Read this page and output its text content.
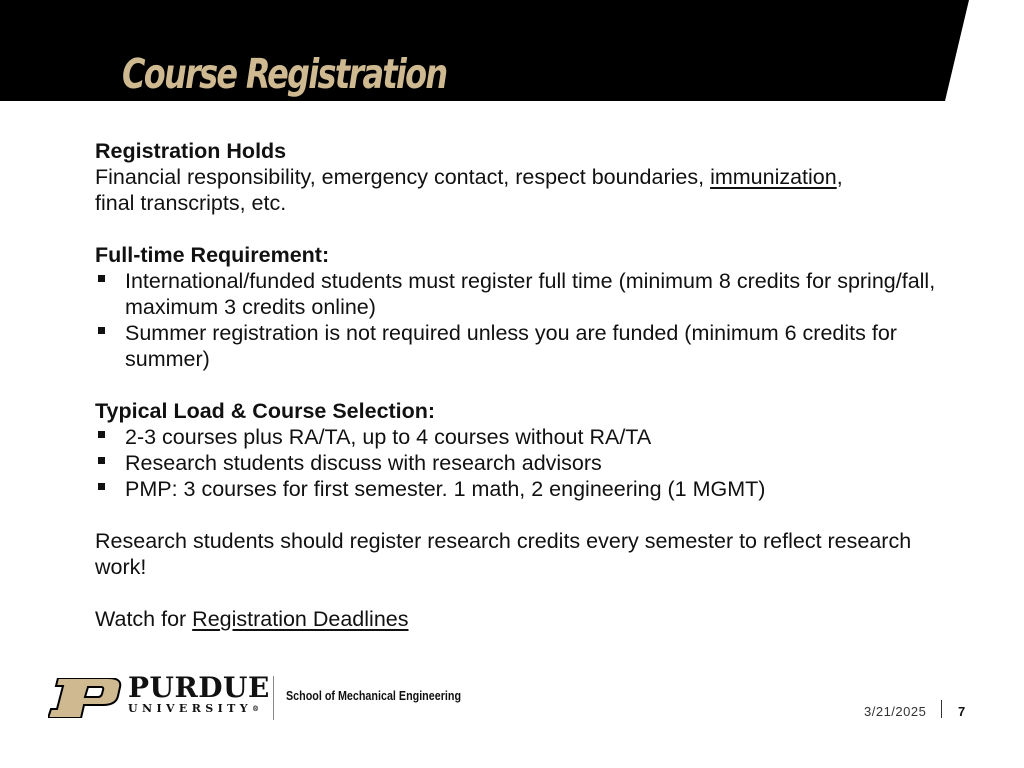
Course Registration

Registration Holds

Financial responsibility, emergency contact, respect boundaries, immunization,

final transcripts, etc.

Full-time Requirement:

International/funded students must register full time (minimum 8 credits for spring/fall, maximum 3 credits online)
Summer registration is not required unless you are funded (minimum 6 credits for summer)

Typical Load & Course Selection:

2-3 courses plus RA/TA, up to 4 courses without RA/TA
Research students discuss with research advisors
PMP: 3 courses for first semester. 1 math, 2 engineering (1 MGMT)

Research students should register research credits every semester to reflect research work!

Watch for Registration Deadlines

PURDUE
UNIVERSITY®
School of Mechanical Engineering
3/21/2025 7
